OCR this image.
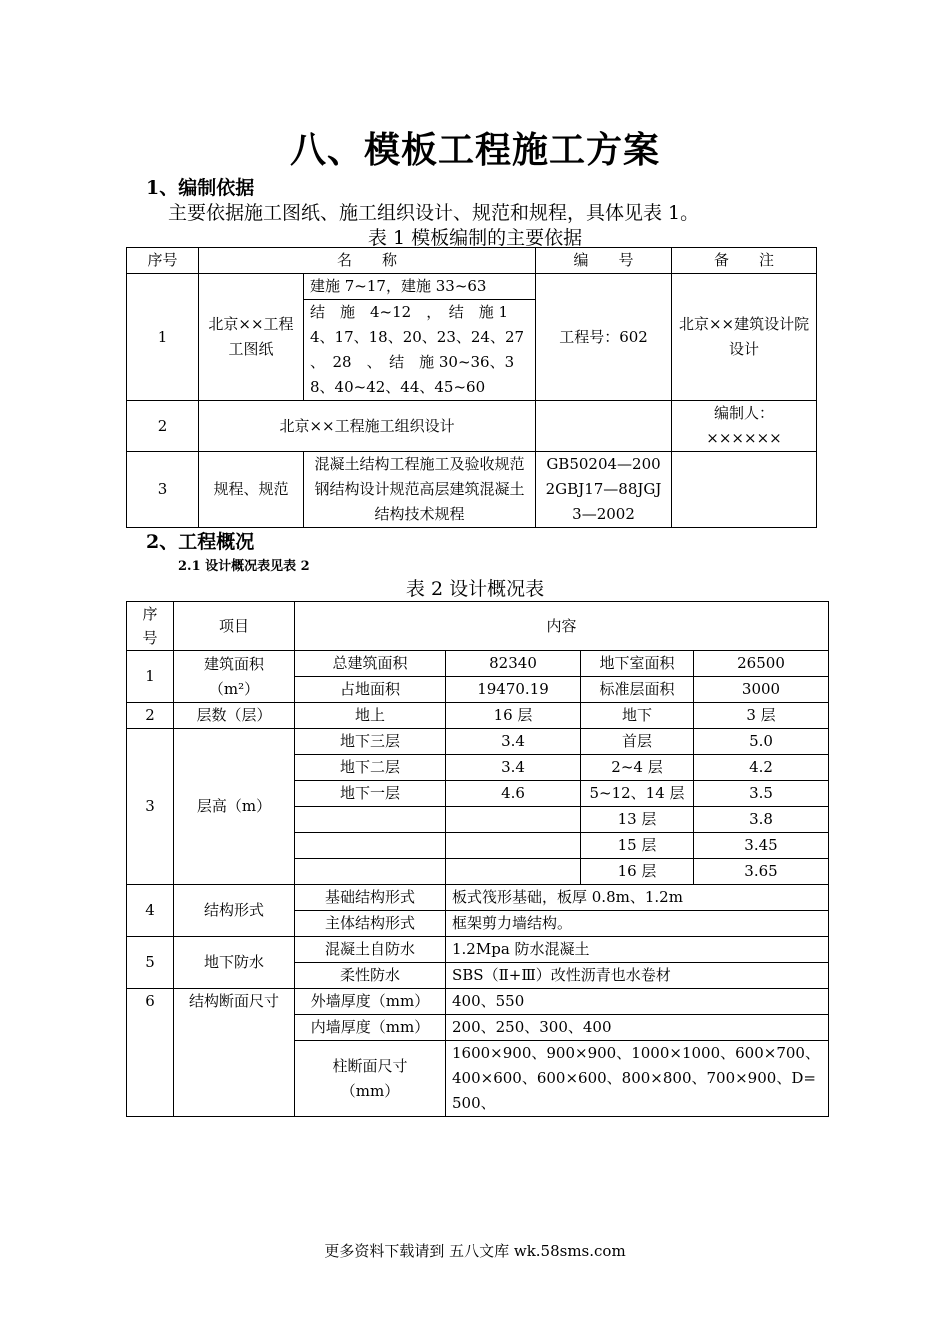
八、模板工程施工方案
1、编制依据
主要依据施工图纸、施工组织设计、规范和规程，具体见表 1。
表 1 模板编制的主要依据
序号	名　　称		编　　号	备　　注
1	北京××工程工图纸	建施 7~17，建施 33~63	工程号：602	北京××建筑设计院设计
		结　施　4~12　，　结　施 14、17、18、20、23、24、27　、　28　、　结　施 30~36、38、40~42、44、45~60		
2	北京××工程施工组织设计			编制人：××××××
3	规程、规范	混凝土结构工程施工及验收规范钢结构设计规范高层建筑混凝土结构技术规程	GB50204—2002GBJ17—88JGJ3—2002	
2、工程概况
2.1 设计概况表见表 2
表 2 设计概况表
序号	项目	内容			
1	建筑面积
（m²）	总建筑面积	82340	地下室面积	26500
		占地面积	19470.19	标准层面积	3000
2	层数（层）	地上	16 层	地下	3 层
3	层高（m）	地下三层	3.4	首层	5.0
		地下二层	3.4	2~4 层	4.2
		地下一层	4.6	5~12、14 层	3.5
				13 层	3.8
				15 层	3.45
				16 层	3.65
4	结构形式	基础结构形式	板式筏形基础，板厚 0.8m、1.2m		
		主体结构形式	框架剪力墙结构。		
5	地下防水	混凝土自防水	1.2Mpa 防水混凝土		
		柔性防水	SBS（Ⅱ+Ⅲ）改性沥青也水卷材		
6	结构断面尺寸	外墙厚度（mm）	400、550		
		内墙厚度（mm）	200、250、300、400		
		柱断面尺寸（mm）	1600×900、900×900、1000×1000、600×700、400×600、600×600、800×800、700×900、D=500、		
更多资料下载请到 五八文库 wk.58sms.com
